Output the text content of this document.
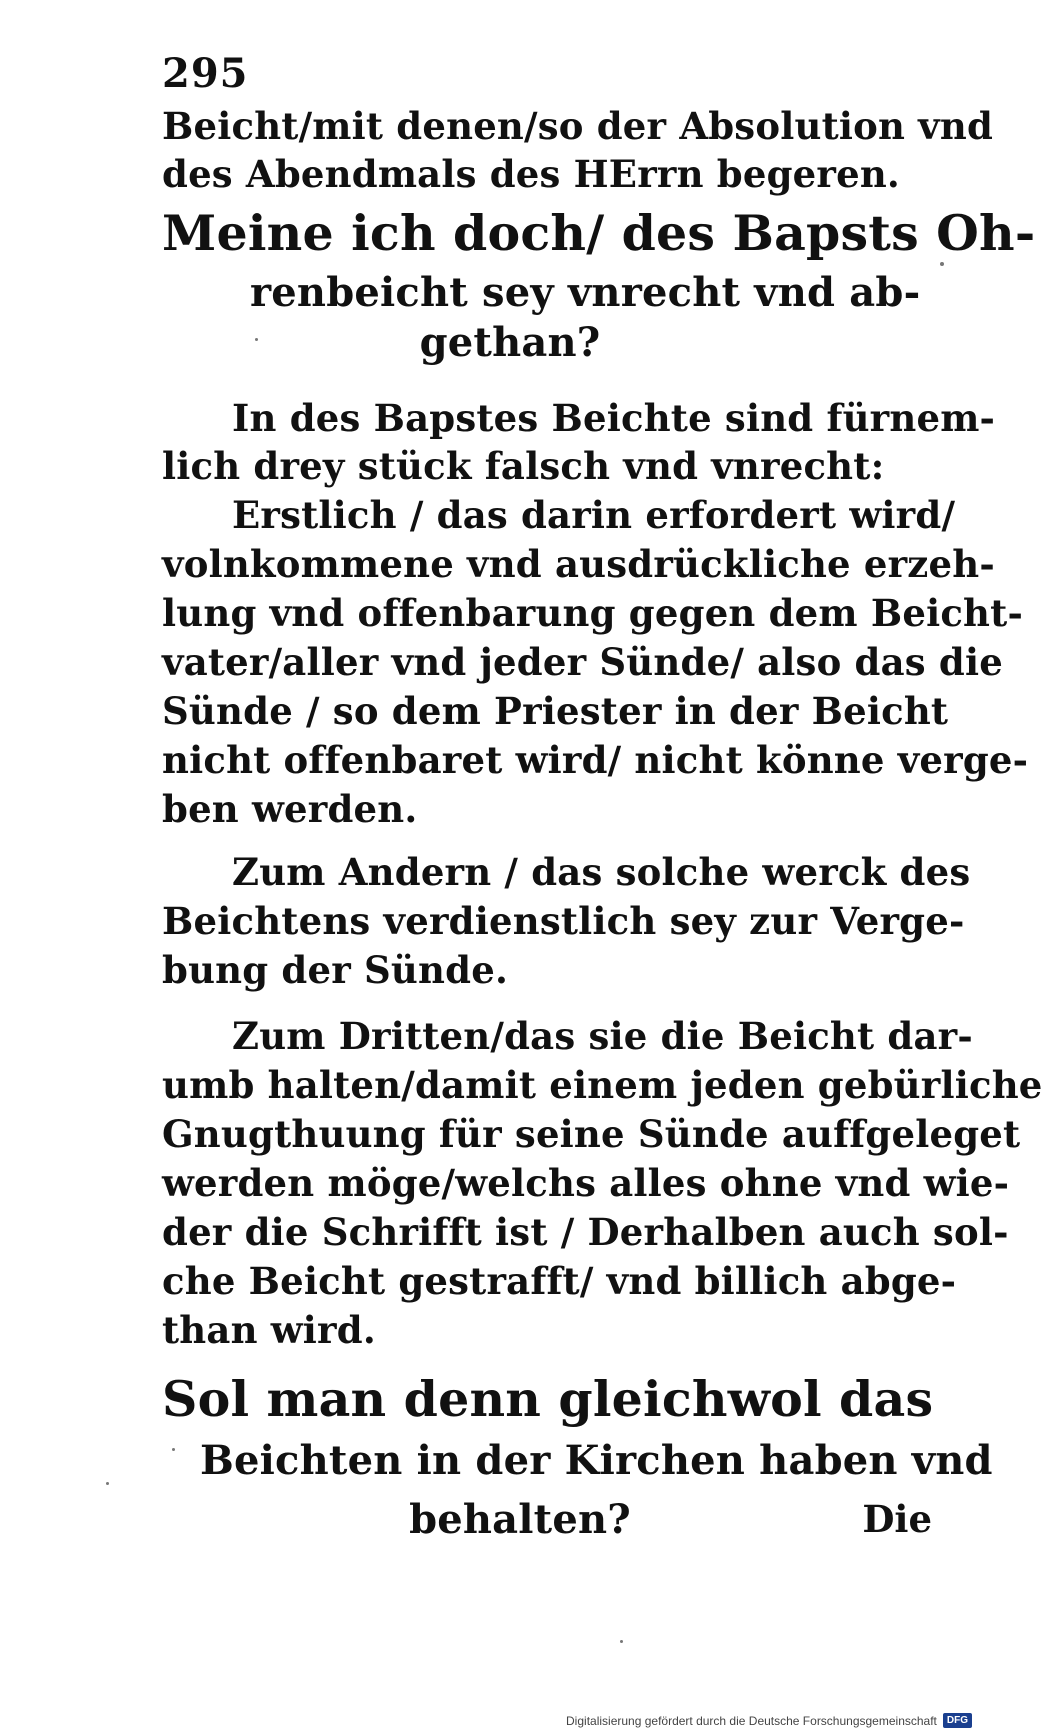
295
Beicht/mit denen/so der Absolution vnd
des Abendmals des HErrn begeren.
Meine ich doch/ des Bapsts Oh-
renbeicht sey vnrecht vnd ab-
gethan?
In des Bapstes Beichte sind fürnem-
lich drey stück falsch vnd vnrecht:
Erstlich / das darin erfordert wird/
volnkommene vnd ausdrückliche erzeh-
lung vnd offenbarung gegen dem Beicht-
vater/aller vnd jeder Sünde/ also das die
Sünde / so dem Priester in der Beicht
nicht offenbaret wird/ nicht könne verge-
ben werden.
Zum Andern / das solche werck des
Beichtens verdienstlich sey zur Verge-
bung der Sünde.
Zum Dritten/das sie die Beicht dar-
umb halten/damit einem jeden gebürliche
Gnugthuung für seine Sünde auffgeleget
werden möge/welchs alles ohne vnd wie-
der die Schrifft ist / Derhalben auch sol-
che Beicht gestrafft/ vnd billich abge-
than wird.
Sol man denn gleichwol das
Beichten in der Kirchen haben vnd
behalten?	Die
Digitalisierung gefördert durch die Deutsche Forschungsgemeinschaft	DFG
